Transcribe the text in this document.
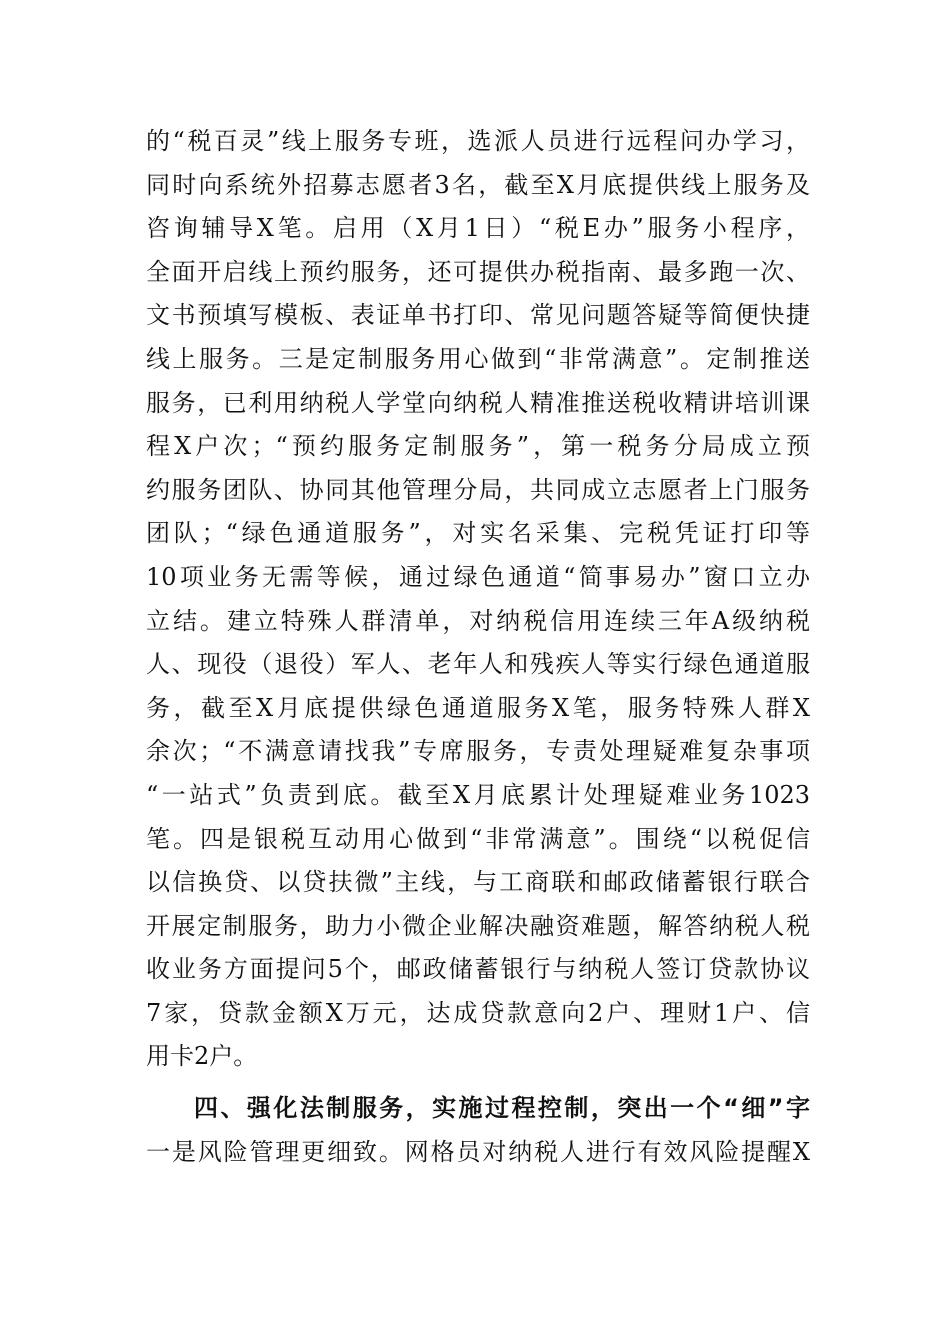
的“税百灵”线上服务专班，选派人员进行远程问办学习，
同时向系统外招募志愿者3名，截至X月底提供线上服务及
咨询辅导X笔。启用（X月1日）“税E办”服务小程序，
全面开启线上预约服务，还可提供办税指南、最多跑一次、
文书预填写模板、表证单书打印、常见问题答疑等简便快捷
线上服务。三是定制服务用心做到“非常满意”。定制推送
服务，已利用纳税人学堂向纳税人精准推送税收精讲培训课
程X户次；“预约服务定制服务”，第一税务分局成立预
约服务团队、协同其他管理分局，共同成立志愿者上门服务
团队；“绿色通道服务”，对实名采集、完税凭证打印等
10项业务无需等候，通过绿色通道“简事易办”窗口立办
立结。建立特殊人群清单，对纳税信用连续三年A级纳税
人、现役（退役）军人、老年人和残疾人等实行绿色通道服
务，截至X月底提供绿色通道服务X笔，服务特殊人群X
余次；“不满意请找我”专席服务，专责处理疑难复杂事项
“一站式”负责到底。截至X月底累计处理疑难业务1023
笔。四是银税互动用心做到“非常满意”。围绕“以税促信
以信换贷、以贷扶微”主线，与工商联和邮政储蓄银行联合
开展定制服务，助力小微企业解决融资难题，解答纳税人税
收业务方面提问5个，邮政储蓄银行与纳税人签订贷款协议
7家，贷款金额X万元，达成贷款意向2户、理财1户、信
用卡2户。
四、强化法制服务，实施过程控制，突出一个“细”字
一是风险管理更细致。网格员对纳税人进行有效风险提醒X
